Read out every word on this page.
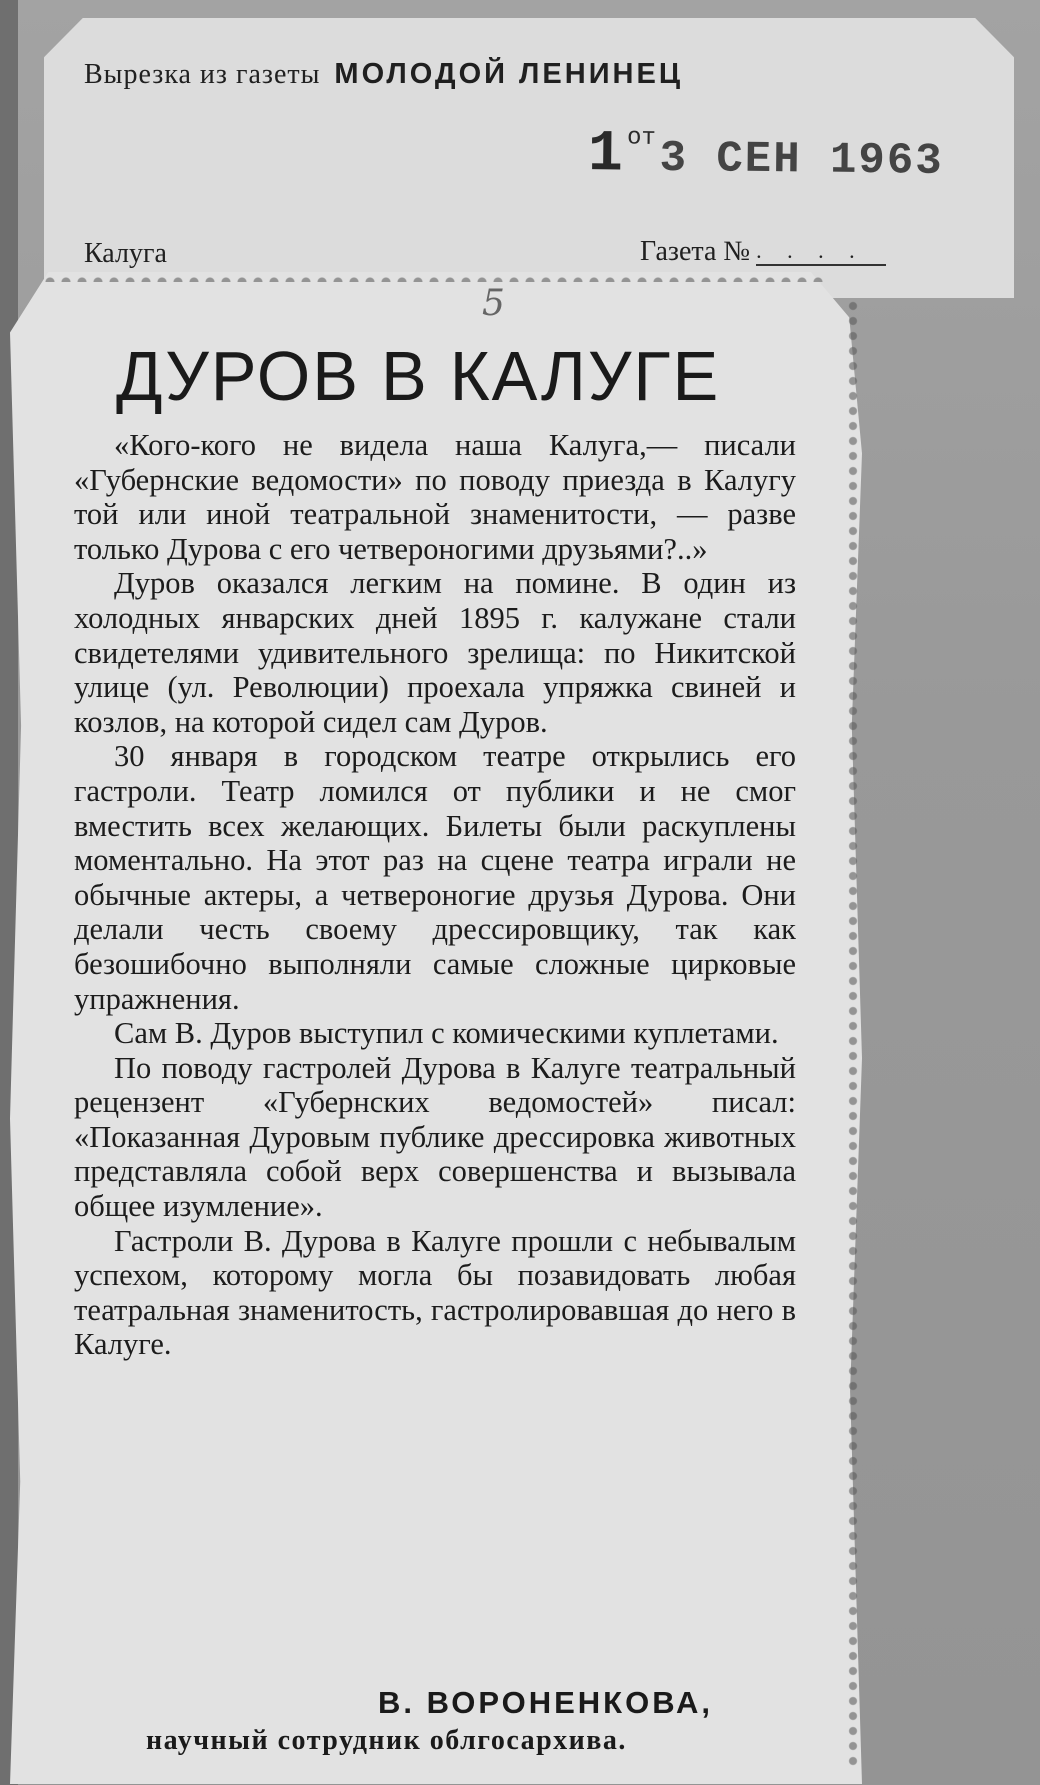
Вырезка из газеты МОЛОДОЙ ЛЕНИНЕЦ
1 от3 СЕН 1963
Калуга	Газета № . . . .
5
ДУРОВ В КАЛУГЕ

«Кого-кого не видела наша Калуга,— писали «Губернские ведомости» по поводу приезда в Калугу той или иной театральной знаменитости, — разве только Дурова с его четвероногими друзьями?..»

Дуров оказался легким на помине. В один из холодных январских дней 1895 г. калужане стали свидетелями удивительного зрелища: по Никитской улице (ул. Революции) проехала упряжка свиней и козлов, на которой сидел сам Дуров.

30 января в городском театре открылись его гастроли. Театр ломился от публики и не смог вместить всех желающих. Билеты были раскуплены моментально. На этот раз на сцене театра играли не обычные актеры, а четвероногие друзья Дурова. Они делали честь своему дрессировщику, так как безошибочно выполняли самые сложные цирковые упражнения.

Сам В. Дуров выступил с комическими куплетами.

По поводу гастролей Дурова в Калуге театральный рецензент «Губернских ведомостей» писал: «Показанная Дуровым публике дрессировка животных представляла собой верх совершенства и вызывала общее изумление».

Гастроли В. Дурова в Калуге прошли с небывалым успехом, которому могла бы позавидовать любая театральная знаменитость, гастролировавшая до него в Калуге.

В. ВОРОНЕНКОВА,
научный сотрудник облгосархива.
